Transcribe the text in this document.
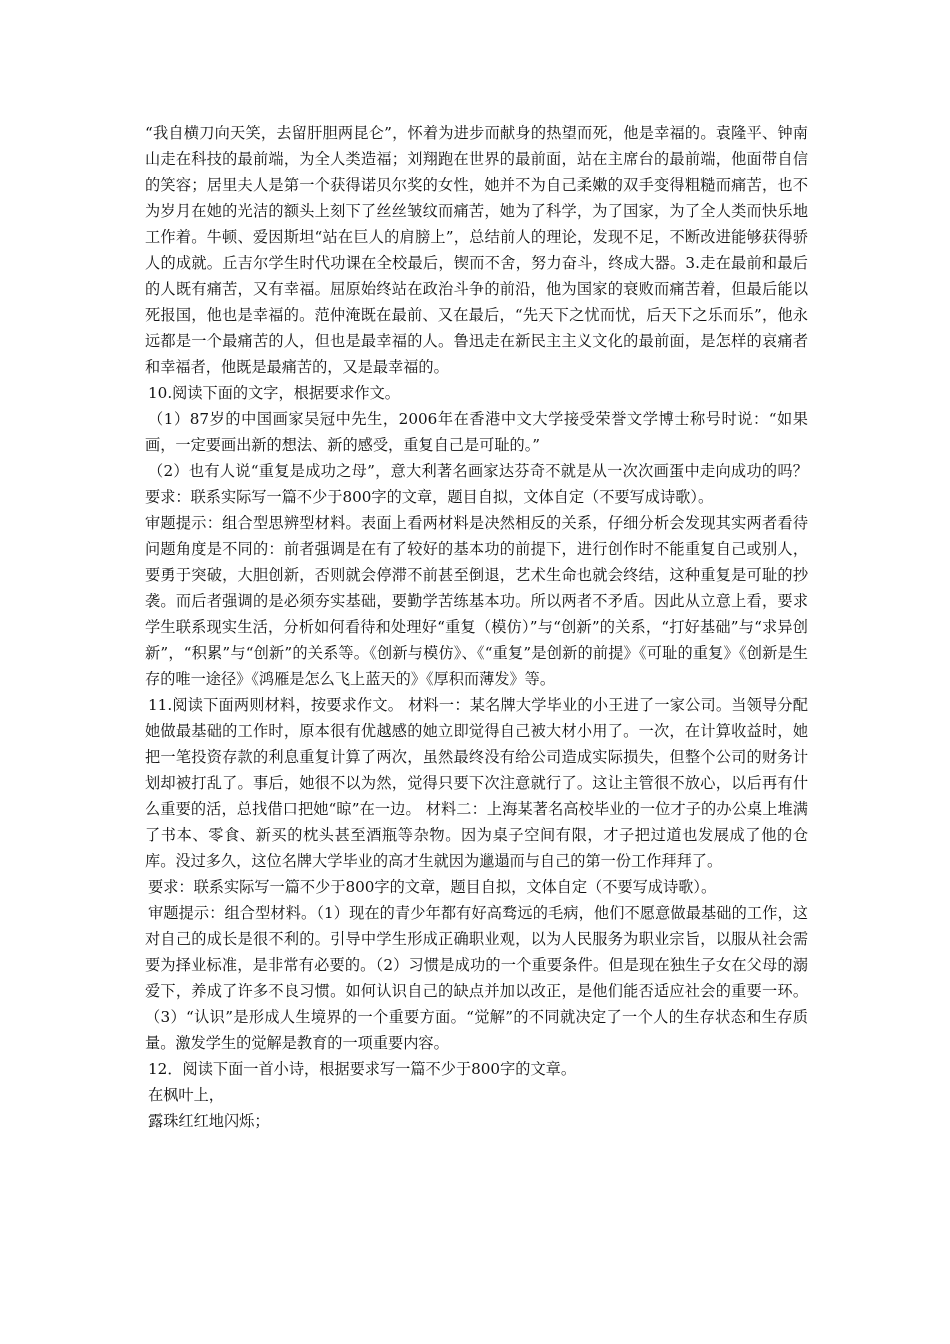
“我自横刀向天笑，去留肝胆两昆仑”，怀着为进步而献身的热望而死，他是幸福的。袁隆平、钟南山走在科技的最前端，为全人类造福；刘翔跑在世界的最前面，站在主席台的最前端，他面带自信的笑容；居里夫人是第一个获得诺贝尔奖的女性，她并不为自己柔嫩的双手变得粗糙而痛苦，也不为岁月在她的光洁的额头上刻下了丝丝皱纹而痛苦，她为了科学，为了国家，为了全人类而快乐地工作着。牛顿、爱因斯坦“站在巨人的肩膀上”，总结前人的理论，发现不足，不断改进能够获得骄人的成就。丘吉尔学生时代功课在全校最后，锲而不舍，努力奋斗，终成大器。3.走在最前和最后的人既有痛苦，又有幸福。屈原始终站在政治斗争的前沿，他为国家的衰败而痛苦着，但最后能以死报国，他也是幸福的。范仲淹既在最前、又在最后，“先天下之忧而忧，后天下之乐而乐”，他永远都是一个最痛苦的人，但也是最幸福的人。鲁迅走在新民主主义文化的最前面，是怎样的哀痛者和幸福者，他既是最痛苦的，又是最幸福的。

10.阅读下面的文字，根据要求作文。

（1）87岁的中国画家吴冠中先生，2006年在香港中文大学接受荣誉文学博士称号时说：“如果画，一定要画出新的想法、新的感受，重复自己是可耻的。”

（2）也有人说“重复是成功之母”，意大利著名画家达芬奇不就是从一次次画蛋中走向成功的吗？ 要求：联系实际写一篇不少于800字的文章，题目自拟，文体自定（不要写成诗歌）。

审题提示：组合型思辨型材料。表面上看两材料是决然相反的关系，仔细分析会发现其实两者看待问题角度是不同的：前者强调是在有了较好的基本功的前提下，进行创作时不能重复自己或别人，要勇于突破，大胆创新，否则就会停滞不前甚至倒退，艺术生命也就会终结，这种重复是可耻的抄袭。而后者强调的是必须夯实基础，要勤学苦练基本功。所以两者不矛盾。因此从立意上看，要求学生联系现实生活，分析如何看待和处理好“重复（模仿）”与“创新”的关系，“打好基础”与“求异创新”，“积累”与“创新”的关系等。《创新与模仿》、《“重复”是创新的前提》《可耻的重复》《创新是生存的唯一途径》《鸿雁是怎么飞上蓝天的》《厚积而薄发》等。

11.阅读下面两则材料，按要求作文。 材料一：某名牌大学毕业的小王进了一家公司。当领导分配她做最基础的工作时，原本很有优越感的她立即觉得自己被大材小用了。一次，在计算收益时，她把一笔投资存款的利息重复计算了两次，虽然最终没有给公司造成实际损失，但整个公司的财务计划却被打乱了。事后，她很不以为然，觉得只要下次注意就行了。这让主管很不放心，以后再有什么重要的活，总找借口把她“晾”在一边。 材料二：上海某著名高校毕业的一位才子的办公桌上堆满了书本、零食、新买的枕头甚至酒瓶等杂物。因为桌子空间有限，才子把过道也发展成了他的仓库。没过多久，这位名牌大学毕业的高才生就因为邋遢而与自己的第一份工作拜拜了。

要求：联系实际写一篇不少于800字的文章，题目自拟，文体自定（不要写成诗歌）。

审题提示：组合型材料。（1）现在的青少年都有好高骛远的毛病，他们不愿意做最基础的工作，这对自己的成长是很不利的。引导中学生形成正确职业观，以为人民服务为职业宗旨，以服从社会需要为择业标准，是非常有必要的。（2）习惯是成功的一个重要条件。但是现在独生子女在父母的溺爱下，养成了许多不良习惯。如何认识自己的缺点并加以改正，是他们能否适应社会的重要一环。（3）“认识”是形成人生境界的一个重要方面。“觉解”的不同就决定了一个人的生存状态和生存质量。激发学生的觉解是教育的一项重要内容。

12．阅读下面一首小诗，根据要求写一篇不少于800字的文章。

在枫叶上，

露珠红红地闪烁；
